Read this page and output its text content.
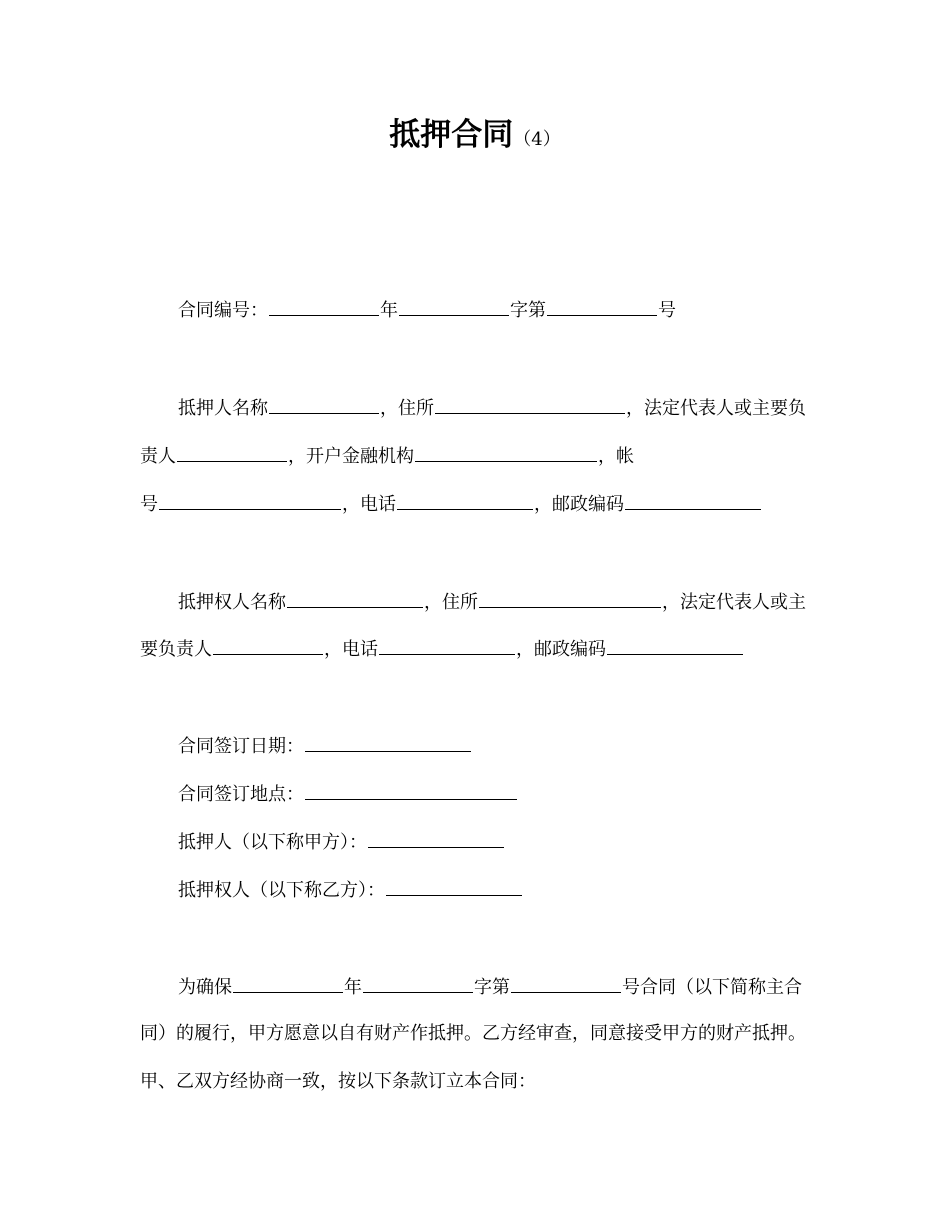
抵押合同（4）
合同编号：	年	字第	号
抵押人名称	，住所	，法定代表人或主要负
责人	，开户金融机构	，帐
号	，电话	，邮政编码
抵押权人名称	，住所	，法定代表人或主
要负责人	，电话	，邮政编码
合同签订日期：
合同签订地点：
抵押人（以下称甲方）：
抵押权人（以下称乙方）：
为确保	年	字第	号合同（以下简称主合
同）的履行，甲方愿意以自有财产作抵押。乙方经审查，同意接受甲方的财产抵押。
甲、乙双方经协商一致，按以下条款订立本合同：
